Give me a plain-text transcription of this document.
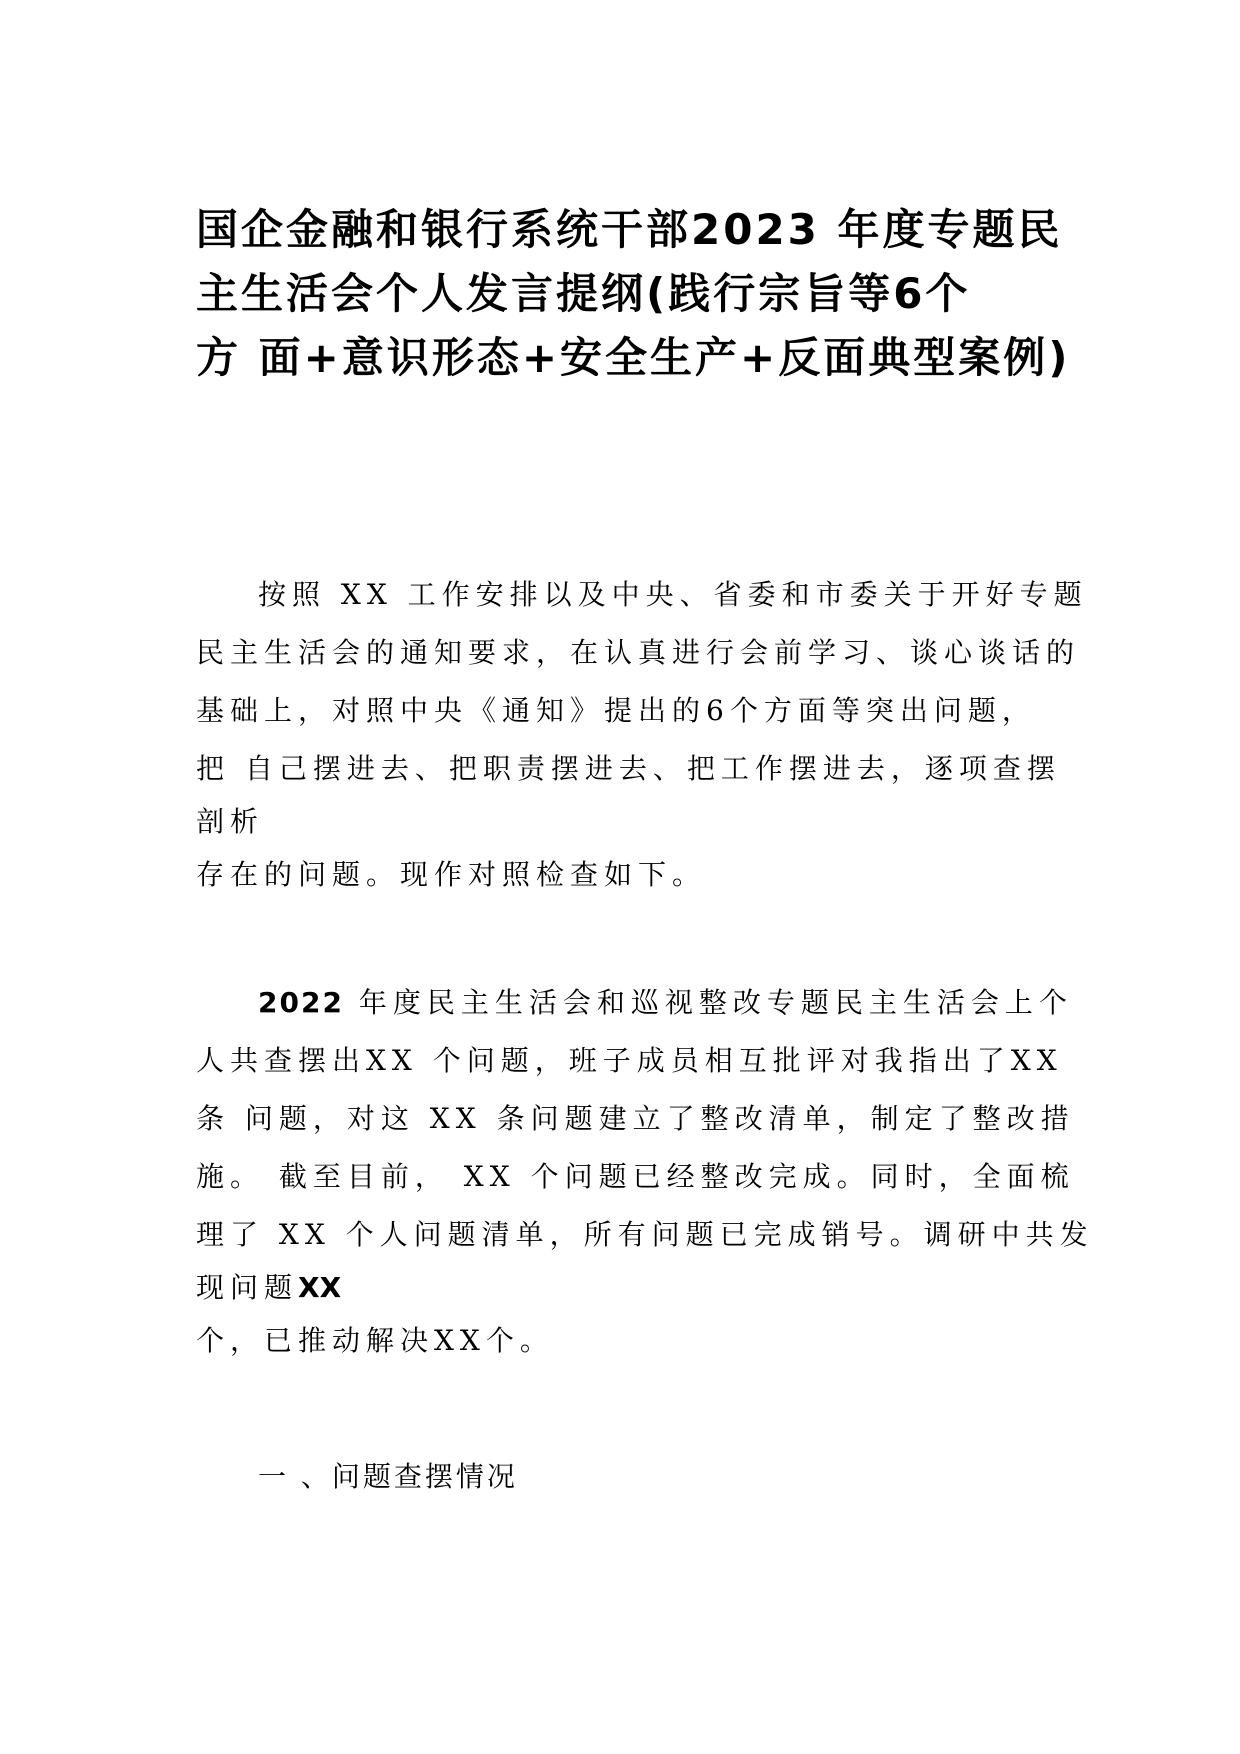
国企金融和银行系统干部2023 年度专题民
主生活会个人发言提纲(践行宗旨等6个
方 面+意识形态+安全生产+反面典型案例)
按照 XX 工作安排以及中央、省委和市委关于开好专题
民主生活会的通知要求，在认真进行会前学习、谈心谈话的
基础上，对照中央《通知》提出的6个方面等突出问题，
把 自己摆进去、把职责摆进去、把工作摆进去，逐项查摆
剖析
存在的问题。现作对照检查如下。
2022 年度民主生活会和巡视整改专题民主生活会上个
人共查摆出XX 个问题，班子成员相互批评对我指出了XX
条 问题，对这 XX 条问题建立了整改清单，制定了整改措
施。 截至目前， XX 个问题已经整改完成。同时，全面梳
理了 XX 个人问题清单，所有问题已完成销号。调研中共发
现问题XX
个，已推动解决XX个。
一 、问题查摆情况
